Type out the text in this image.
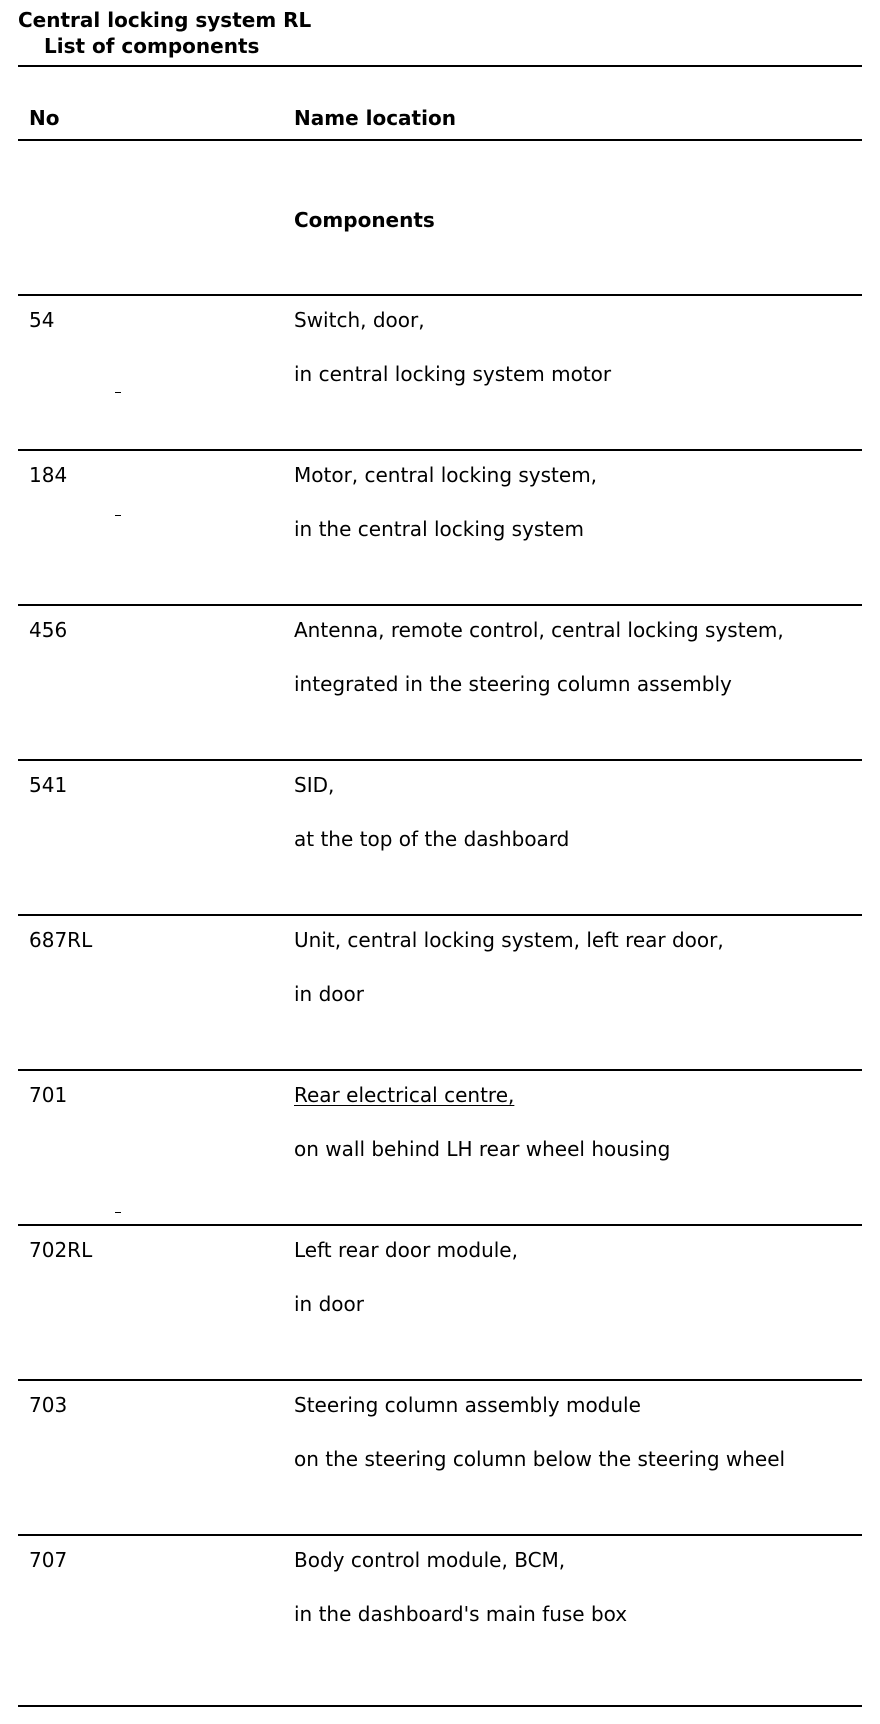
Central locking system RL
List of components
No	Name location
Components
54	Switch, door,
in central locking system motor
184	Motor, central locking system,
in the central locking system
456	Antenna, remote control, central locking system,
integrated in the steering column assembly
541	SID,
at the top of the dashboard
687RL	Unit, central locking system, left rear door,
in door
701	Rear electrical centre,
on wall behind LH rear wheel housing
702RL	Left rear door module,
in door
703	Steering column assembly module
on the steering column below the steering wheel
707	Body control module, BCM,
in the dashboard's main fuse box
